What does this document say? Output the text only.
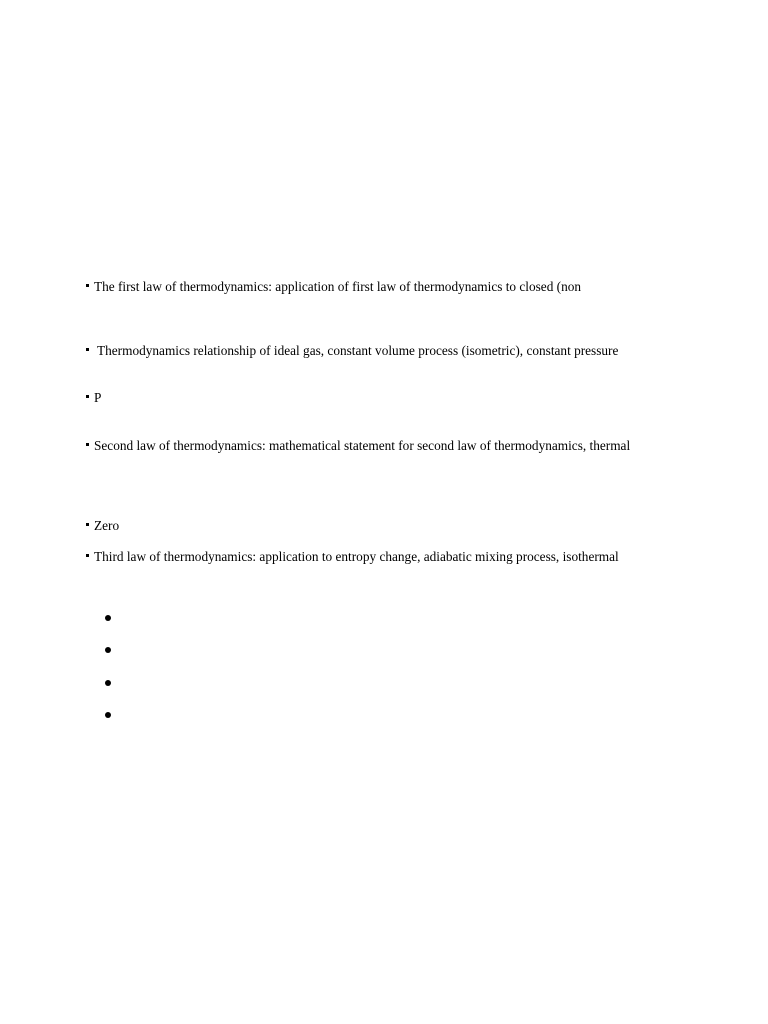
The first law of thermodynamics: application of first law of thermodynamics to closed (non
Thermodynamics relationship of ideal gas, constant volume process (isometric), constant pressure
P
Second law of thermodynamics: mathematical statement for second law of thermodynamics, thermal
Zero
Third law of thermodynamics: application to entropy change, adiabatic mixing process, isothermal
